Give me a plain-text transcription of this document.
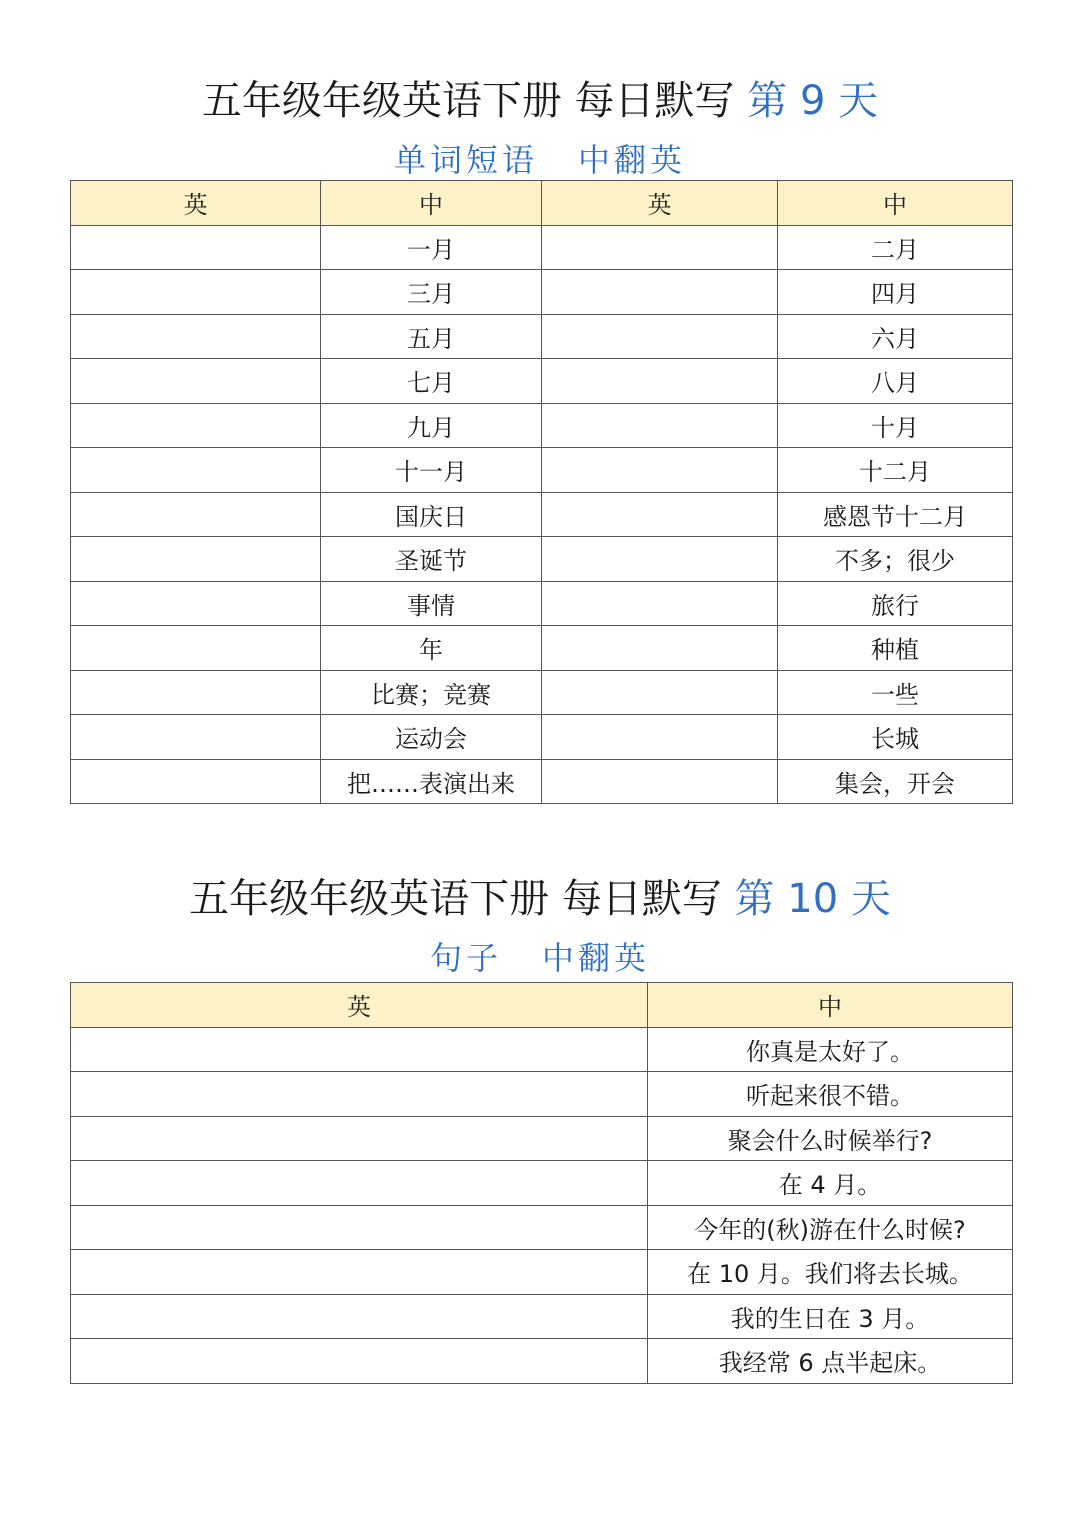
五年级年级英语下册 每日默写 第 9 天
单词短语 中翻英
英	中	英	中
	一月		二月
	三月		四月
	五月		六月
	七月		八月
	九月		十月
	十一月		十二月
	国庆日		感恩节十二月
	圣诞节		不多；很少
	事情		旅行
	年		种植
	比赛；竞赛		一些
	运动会		长城
	把……表演出来		集会，开会
五年级年级英语下册 每日默写 第 10 天
句子 中翻英
英	中
	你真是太好了。
	听起来很不错。
	聚会什么时候举行?
	在 4 月。
	今年的(秋)游在什么时候?
	在 10 月。我们将去长城。
	我的生日在 3 月。
	我经常 6 点半起床。
